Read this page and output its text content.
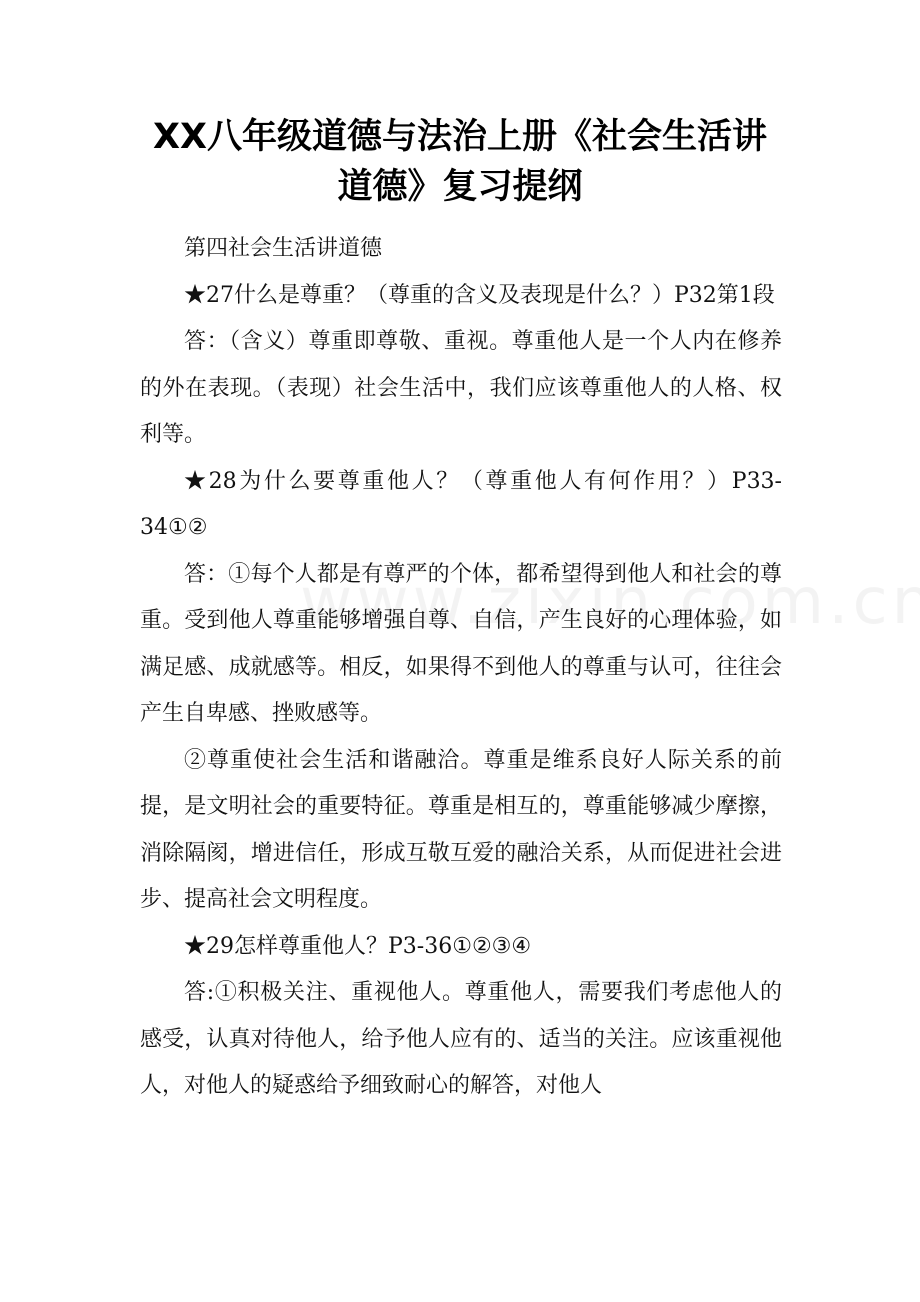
XX八年级道德与法治上册《社会生活讲
道德》复习提纲

第四社会生活讲道德

★27什么是尊重？（尊重的含义及表现是什么？）P32第1段

答：（含义）尊重即尊敬、重视。尊重他人是一个人内在修养的外在表现。（表现）社会生活中，我们应该尊重他人的人格、权利等。

★28为什么要尊重他人？（尊重他人有何作用？）P33-34①②

答：①每个人都是有尊严的个体，都希望得到他人和社会的尊重。受到他人尊重能够增强自尊、自信，产生良好的心理体验，如满足感、成就感等。相反，如果得不到他人的尊重与认可，往往会产生自卑感、挫败感等。

②尊重使社会生活和谐融洽。尊重是维系良好人际关系的前提，是文明社会的重要特征。尊重是相互的，尊重能够减少摩擦，消除隔阂，增进信任，形成互敬互爱的融洽关系，从而促进社会进步、提高社会文明程度。

★29怎样尊重他人？P3-36①②③④

答:①积极关注、重视他人。尊重他人，需要我们考虑他人的感受，认真对待他人，给予他人应有的、适当的关注。应该重视他人，对他人的疑惑给予细致耐心的解答，对他人
